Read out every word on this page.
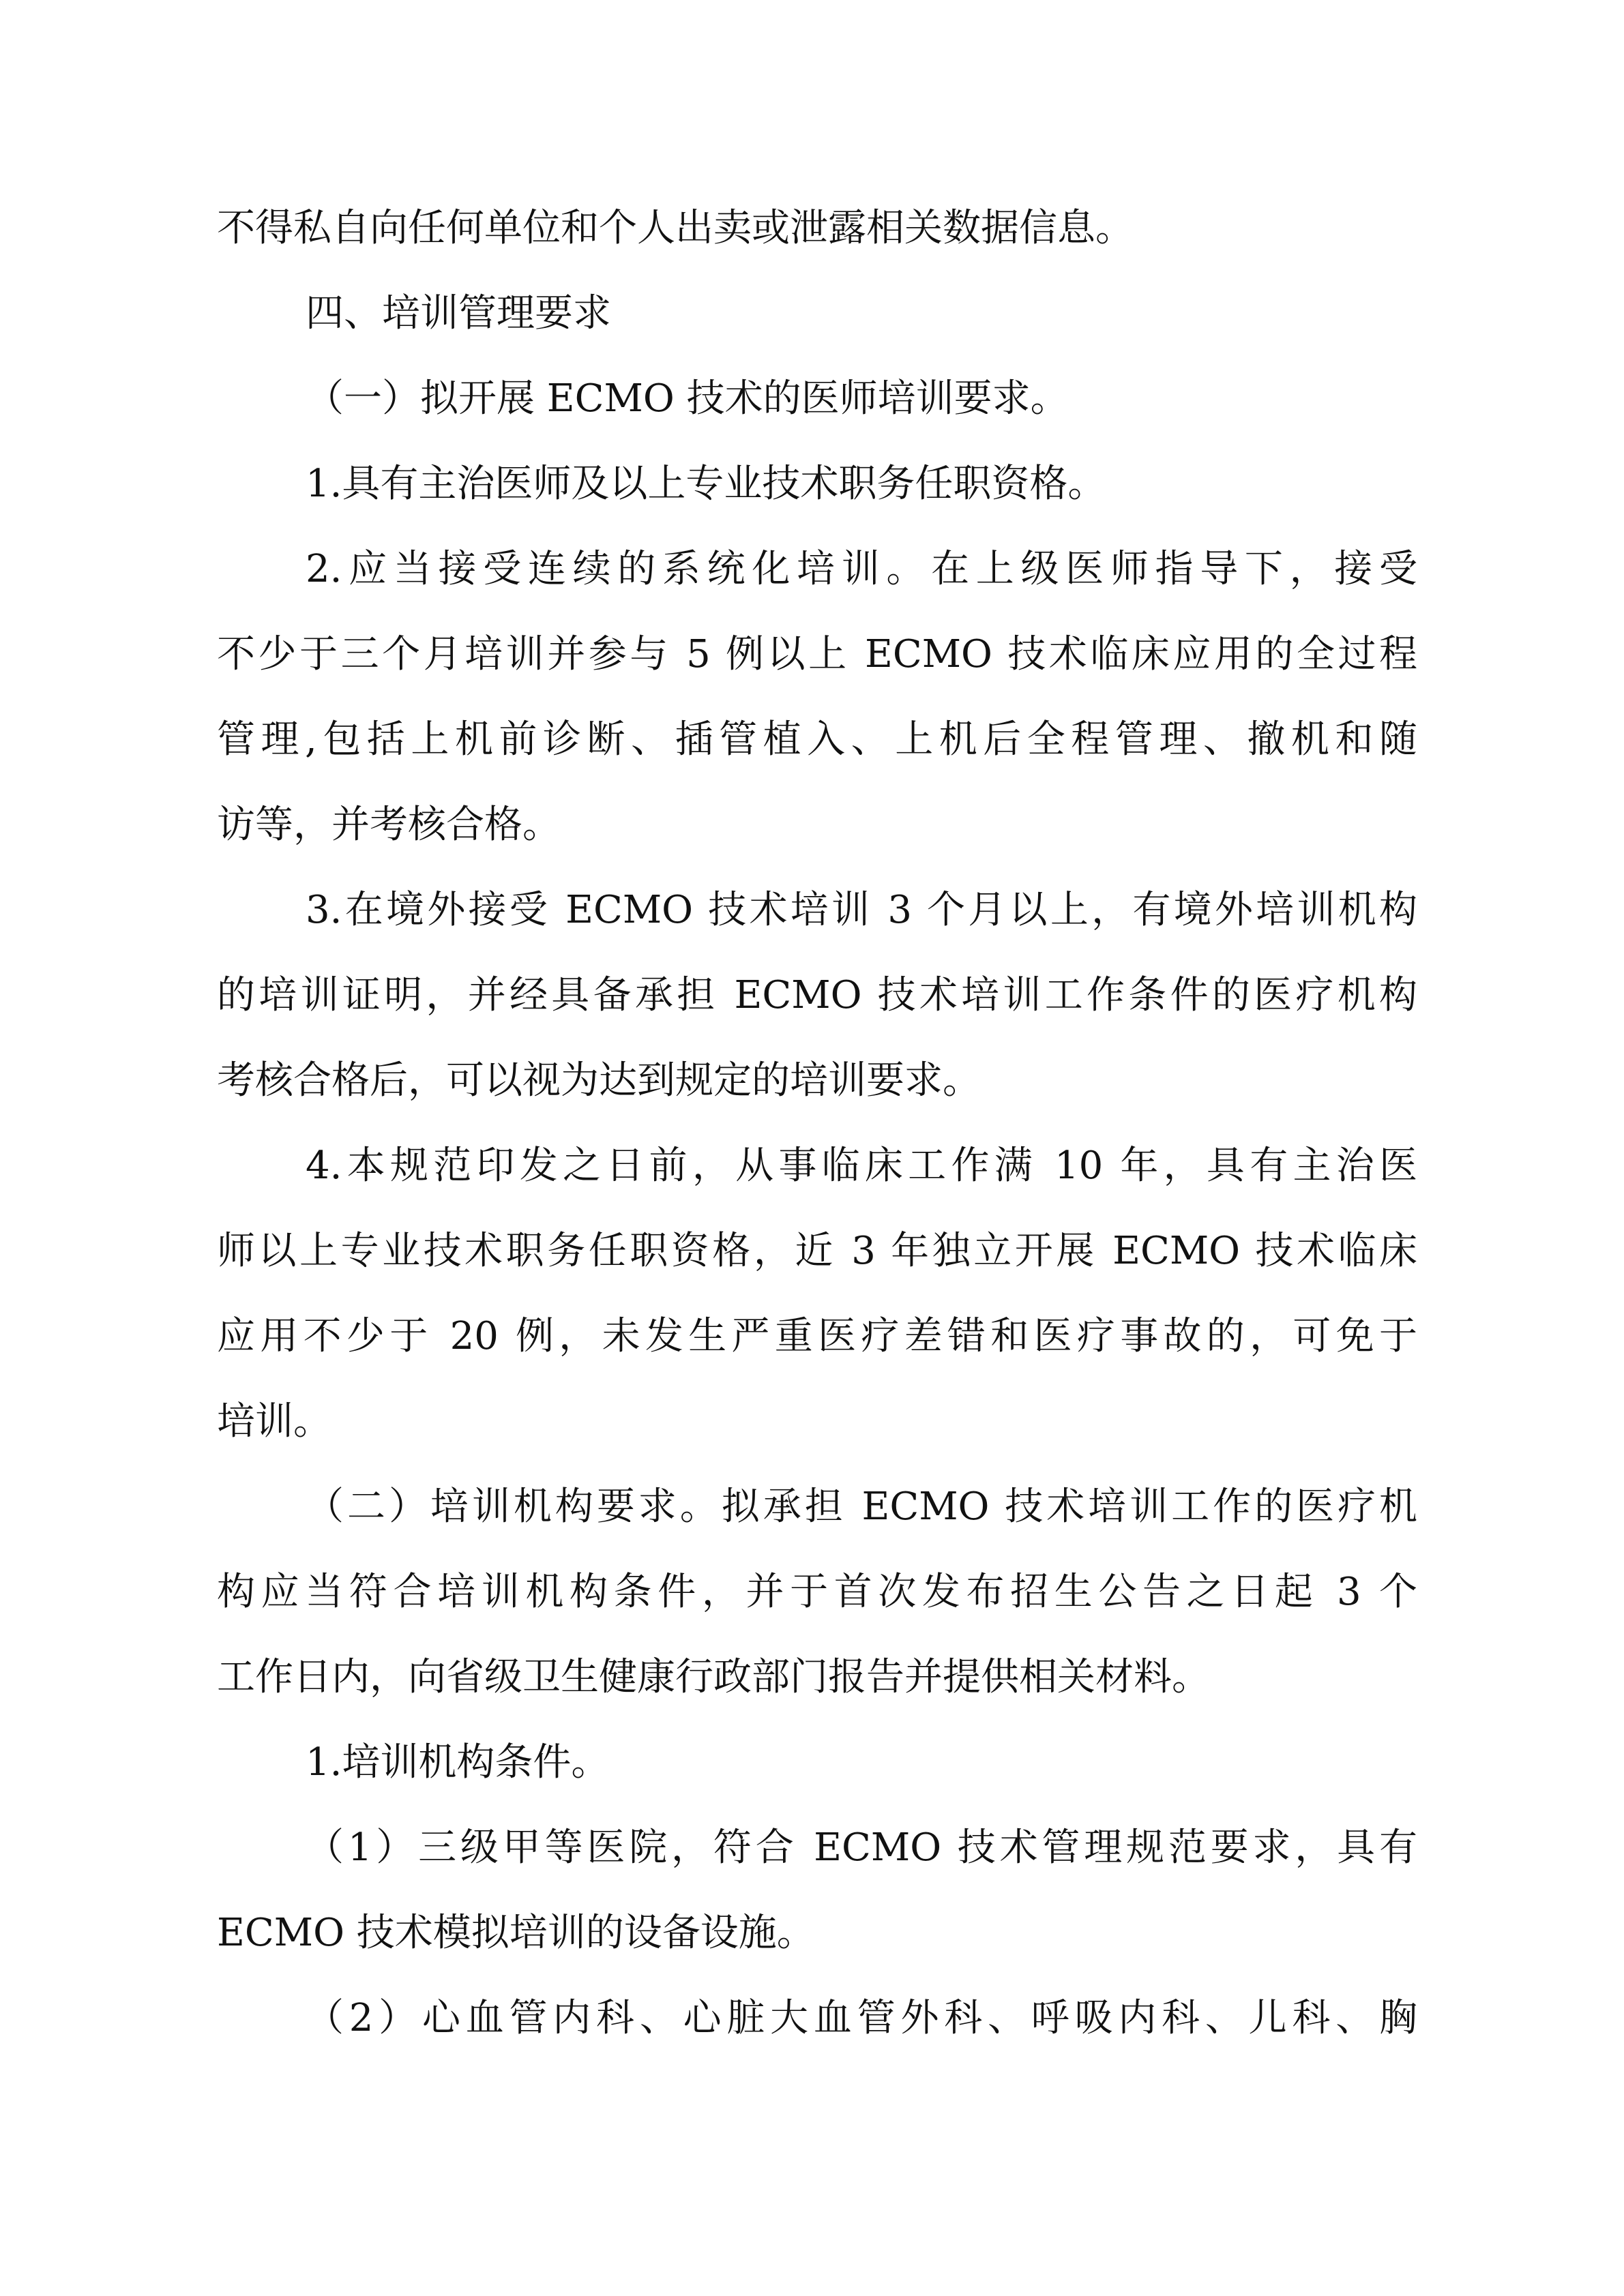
不得私自向任何单位和个人出卖或泄露相关数据信息。
四、培训管理要求
（一）拟开展 ECMO 技术的医师培训要求。
1.具有主治医师及以上专业技术职务任职资格。
2.应当接受连续的系统化培训。在上级医师指导下，接受
不少于三个月培训并参与 5 例以上 ECMO 技术临床应用的全过程
管理,包括上机前诊断、插管植入、上机后全程管理、撤机和随
访等，并考核合格。
3.在境外接受 ECMO 技术培训 3 个月以上，有境外培训机构
的培训证明，并经具备承担 ECMO 技术培训工作条件的医疗机构
考核合格后，可以视为达到规定的培训要求。
4.本规范印发之日前，从事临床工作满 10 年，具有主治医
师以上专业技术职务任职资格，近 3 年独立开展 ECMO 技术临床
应用不少于 20 例，未发生严重医疗差错和医疗事故的，可免于
培训。
（二）培训机构要求。拟承担 ECMO 技术培训工作的医疗机
构应当符合培训机构条件，并于首次发布招生公告之日起 3 个
工作日内，向省级卫生健康行政部门报告并提供相关材料。
1.培训机构条件。
（1）三级甲等医院，符合 ECMO 技术管理规范要求，具有
ECMO 技术模拟培训的设备设施。
（2）心血管内科、心脏大血管外科、呼吸内科、儿科、胸
